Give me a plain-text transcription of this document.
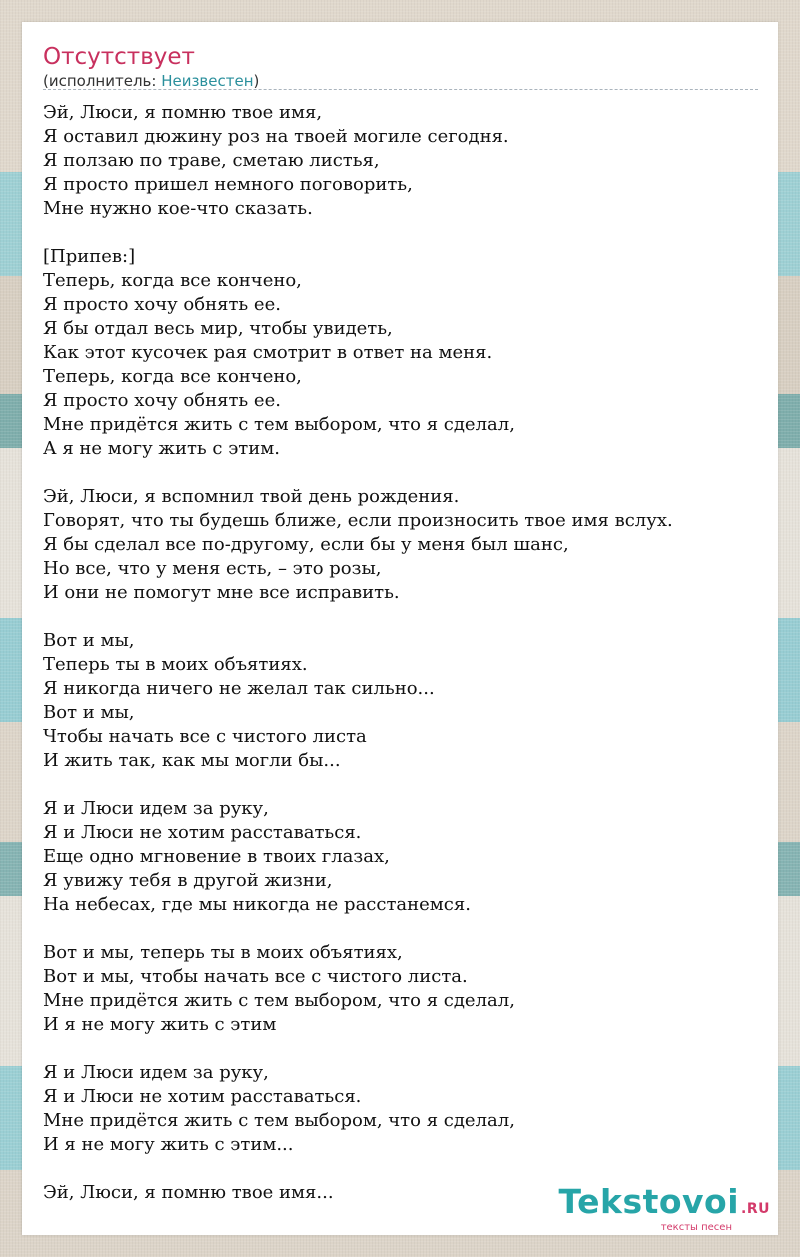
Отсутствует
(исполнитель: Неизвестен)
Эй, Люси, я помню твое имя,
Я оставил дюжину роз на твоей могиле сегодня.
Я ползаю по траве, сметаю листья,
Я просто пришел немного поговорить,
Мне нужно кое-что сказать.
[Припев:]
Теперь, когда все кончено,
Я просто хочу обнять ее.
Я бы отдал весь мир, чтобы увидеть,
Как этот кусочек рая смотрит в ответ на меня.
Теперь, когда все кончено,
Я просто хочу обнять ее.
Мне придётся жить с тем выбором, что я сделал,
А я не могу жить с этим.
Эй, Люси, я вспомнил твой день рождения.
Говорят, что ты будешь ближе, если произносить твое имя вслух.
Я бы сделал все по-другому, если бы у меня был шанс,
Но все, что у меня есть, – это розы,
И они не помогут мне все исправить.
Вот и мы,
Теперь ты в моих объятиях.
Я никогда ничего не желал так сильно...
Вот и мы,
Чтобы начать все с чистого листа
И жить так, как мы могли бы...
Я и Люси идем за руку,
Я и Люси не хотим расставаться.
Еще одно мгновение в твоих глазах,
Я увижу тебя в другой жизни,
На небесах, где мы никогда не расстанемся.
Вот и мы, теперь ты в моих объятиях,
Вот и мы, чтобы начать все с чистого листа.
Мне придётся жить с тем выбором, что я сделал,
И я не могу жить с этим
Я и Люси идем за руку,
Я и Люси не хотим расставаться.
Мне придётся жить с тем выбором, что я сделал,
И я не могу жить с этим...
Эй, Люси, я помню твое имя...	Tekstovoi .RU
тексты песен
